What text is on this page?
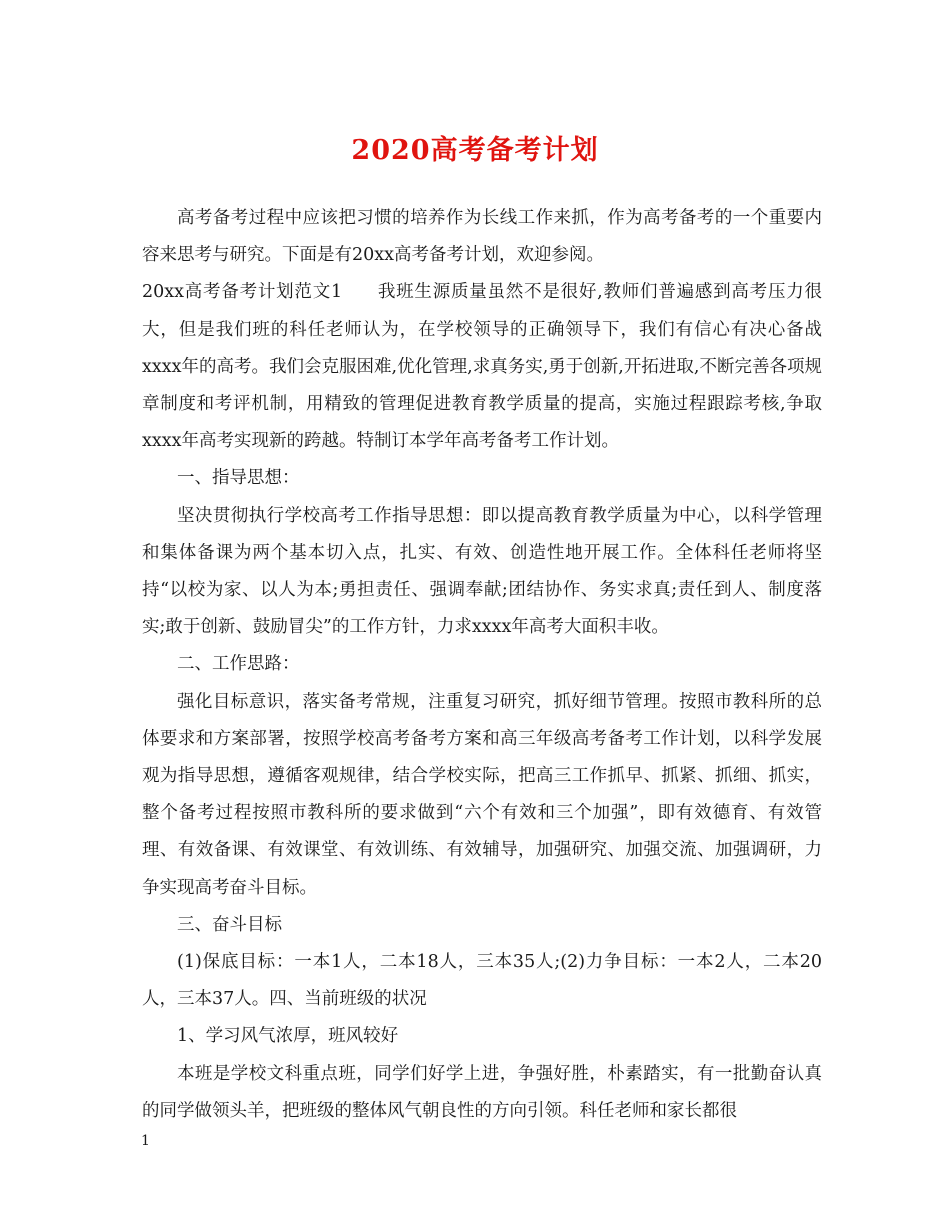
2020高考备考计划

高考备考过程中应该把习惯的培养作为长线工作来抓，作为高考备考的一个重要内容来思考与研究。下面是有20xx高考备考计划，欢迎参阅。

20xx高考备考计划范文1 我班生源质量虽然不是很好,教师们普遍感到高考压力很大，但是我们班的科任老师认为，在学校领导的正确领导下，我们有信心有决心备战xxxx年的高考。我们会克服困难,优化管理,求真务实,勇于创新,开拓进取,不断完善各项规章制度和考评机制，用精致的管理促进教育教学质量的提高，实施过程跟踪考核,争取xxxx年高考实现新的跨越。特制订本学年高考备考工作计划。

一、指导思想：

坚决贯彻执行学校高考工作指导思想：即以提高教育教学质量为中心，以科学管理和集体备课为两个基本切入点，扎实、有效、创造性地开展工作。全体科任老师将坚持“以校为家、以人为本;勇担责任、强调奉献;团结协作、务实求真;责任到人、制度落实;敢于创新、鼓励冒尖”的工作方针，力求xxxx年高考大面积丰收。

二、工作思路：

强化目标意识，落实备考常规，注重复习研究，抓好细节管理。按照市教科所的总体要求和方案部署，按照学校高考备考方案和高三年级高考备考工作计划，以科学发展观为指导思想，遵循客观规律，结合学校实际，把高三工作抓早、抓紧、抓细、抓实，整个备考过程按照市教科所的要求做到“六个有效和三个加强”，即有效德育、有效管理、有效备课、有效课堂、有效训练、有效辅导，加强研究、加强交流、加强调研，力争实现高考奋斗目标。

三、奋斗目标

(1)保底目标：一本1人，二本18人，三本35人;(2)力争目标：一本2人，二本20人，三本37人。四、当前班级的状况

1、学习风气浓厚，班风较好

本班是学校文科重点班，同学们好学上进，争强好胜，朴素踏实，有一批勤奋认真的同学做领头羊，把班级的整体风气朝良性的方向引领。科任老师和家长都很

1
